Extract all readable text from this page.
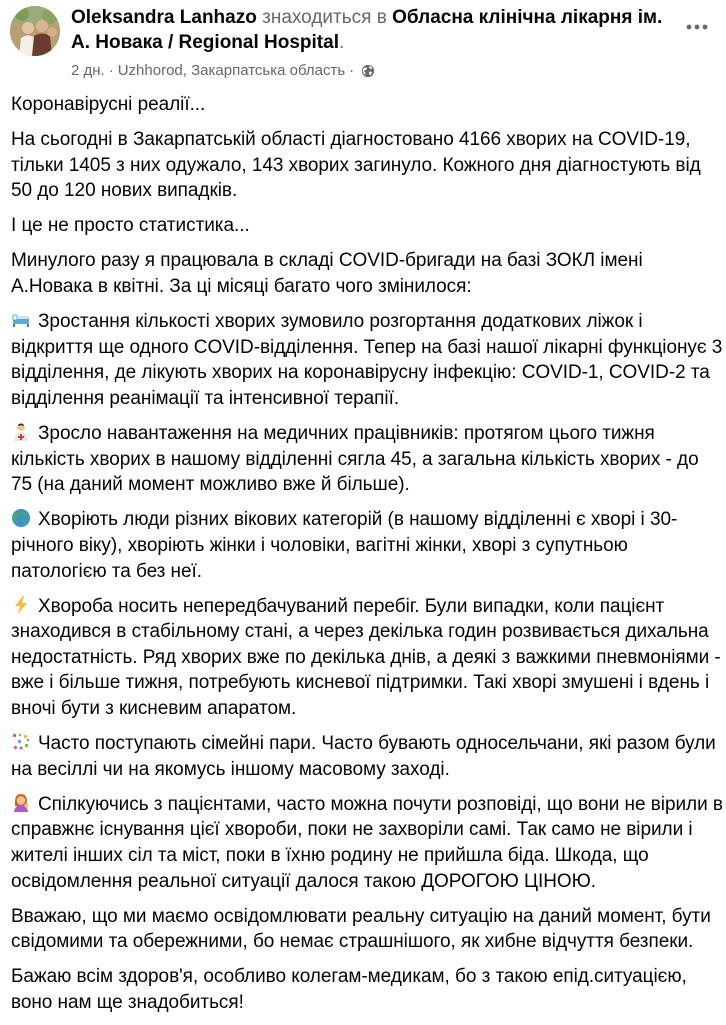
Oleksandra Lanhazo знаходиться в Обласна клінічна лікарня ім. А. Новака / Regional Hospital.
2 дн. · Uzhhorod, Закарпатська область ·

Коронавірусні реалії...

На сьогодні в Закарпатській області діагностовано 4166 хворих на COVID-19, тільки 1405 з них одужало, 143 хворих загинуло. Кожного дня діагностують від 50 до 120 нових випадків.

І це не просто статистика...

Минулого разу я працювала в складі COVID-бригади на базі ЗОКЛ імені А.Новака в квітні. За ці місяці багато чого змінилося:

Зростання кількості хворих зумовило розгортання додаткових ліжок і відкриття ще одного COVID-відділення. Тепер на базі нашої лікарні функціонує 3 відділення, де лікують хворих на коронавірусну інфекцію: COVID-1, COVID-2 та відділення реанімації та інтенсивної терапії.

Зросло навантаження на медичних працівників: протягом цього тижня кількість хворих в нашому відділенні сягла 45, а загальна кількість хворих - до 75 (на даний момент можливо вже й більше).

Хворіють люди різних вікових категорій (в нашому відділенні є хворі і 30-річного віку), хворіють жінки і чоловіки, вагітні жінки, хворі з супутньою патологією та без неї.

Хвороба носить непередбачуваний перебіг. Були випадки, коли пацієнт знаходився в стабільному стані, а через декілька годин розвивається дихальна недостатність. Ряд хворих вже по декілька днів, а деякі з важкими пневмоніями - вже і більше тижня, потребують кисневої підтримки. Такі хворі змушені і вдень і вночі бути з кисневим апаратом.

Часто поступають сімейні пари. Часто бувають односельчани, які разом були на весіллі чи на якомусь іншому масовому заході.

Спілкуючись з пацієнтами, часто можна почути розповіді, що вони не вірили в справжнє існування цієї хвороби, поки не захворіли самі. Так само не вірили і жителі інших сіл та міст, поки в їхню родину не прийшла біда. Шкода, що освідомлення реальної ситуації далося такою ДОРОГОЮ ЦІНОЮ.

Вважаю, що ми маємо освідомлювати реальну ситуацію на даний момент, бути свідомими та обережними, бо немає страшнішого, як хибне відчуття безпеки.

Бажаю всім здоров'я, особливо колегам-медикам, бо з такою епід.ситуацією, воно нам ще знадобиться!
